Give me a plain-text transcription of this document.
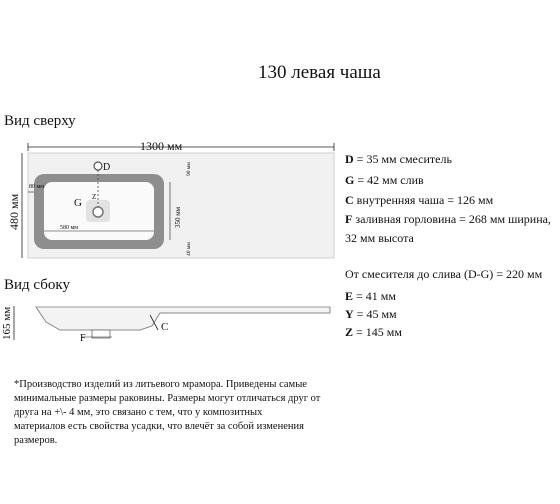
130 левая чаша
Вид сверху
Вид сбоку
1300 мм
480 мм
80 мм
580 мм	350 мм
90 мм
40 мм
D
G Z
165 мм	C
F
D = 35 мм смеситель
G = 42 мм слив
C внутренняя чаша = 126 мм
F заливная горловина = 268 мм ширина,
32 мм высота
От смесителя до слива (D-G) = 220 мм
E = 41 мм
Y = 45 мм
Z = 145 мм
*Производство изделий из литьевого мрамора. Приведены самые
минимальные размеры раковины. Размеры могут отличаться друг от
друга на +\- 4 мм, это связано с тем, что у композитных
материалов есть свойства усадки, что влечёт за собой изменения
размеров.
